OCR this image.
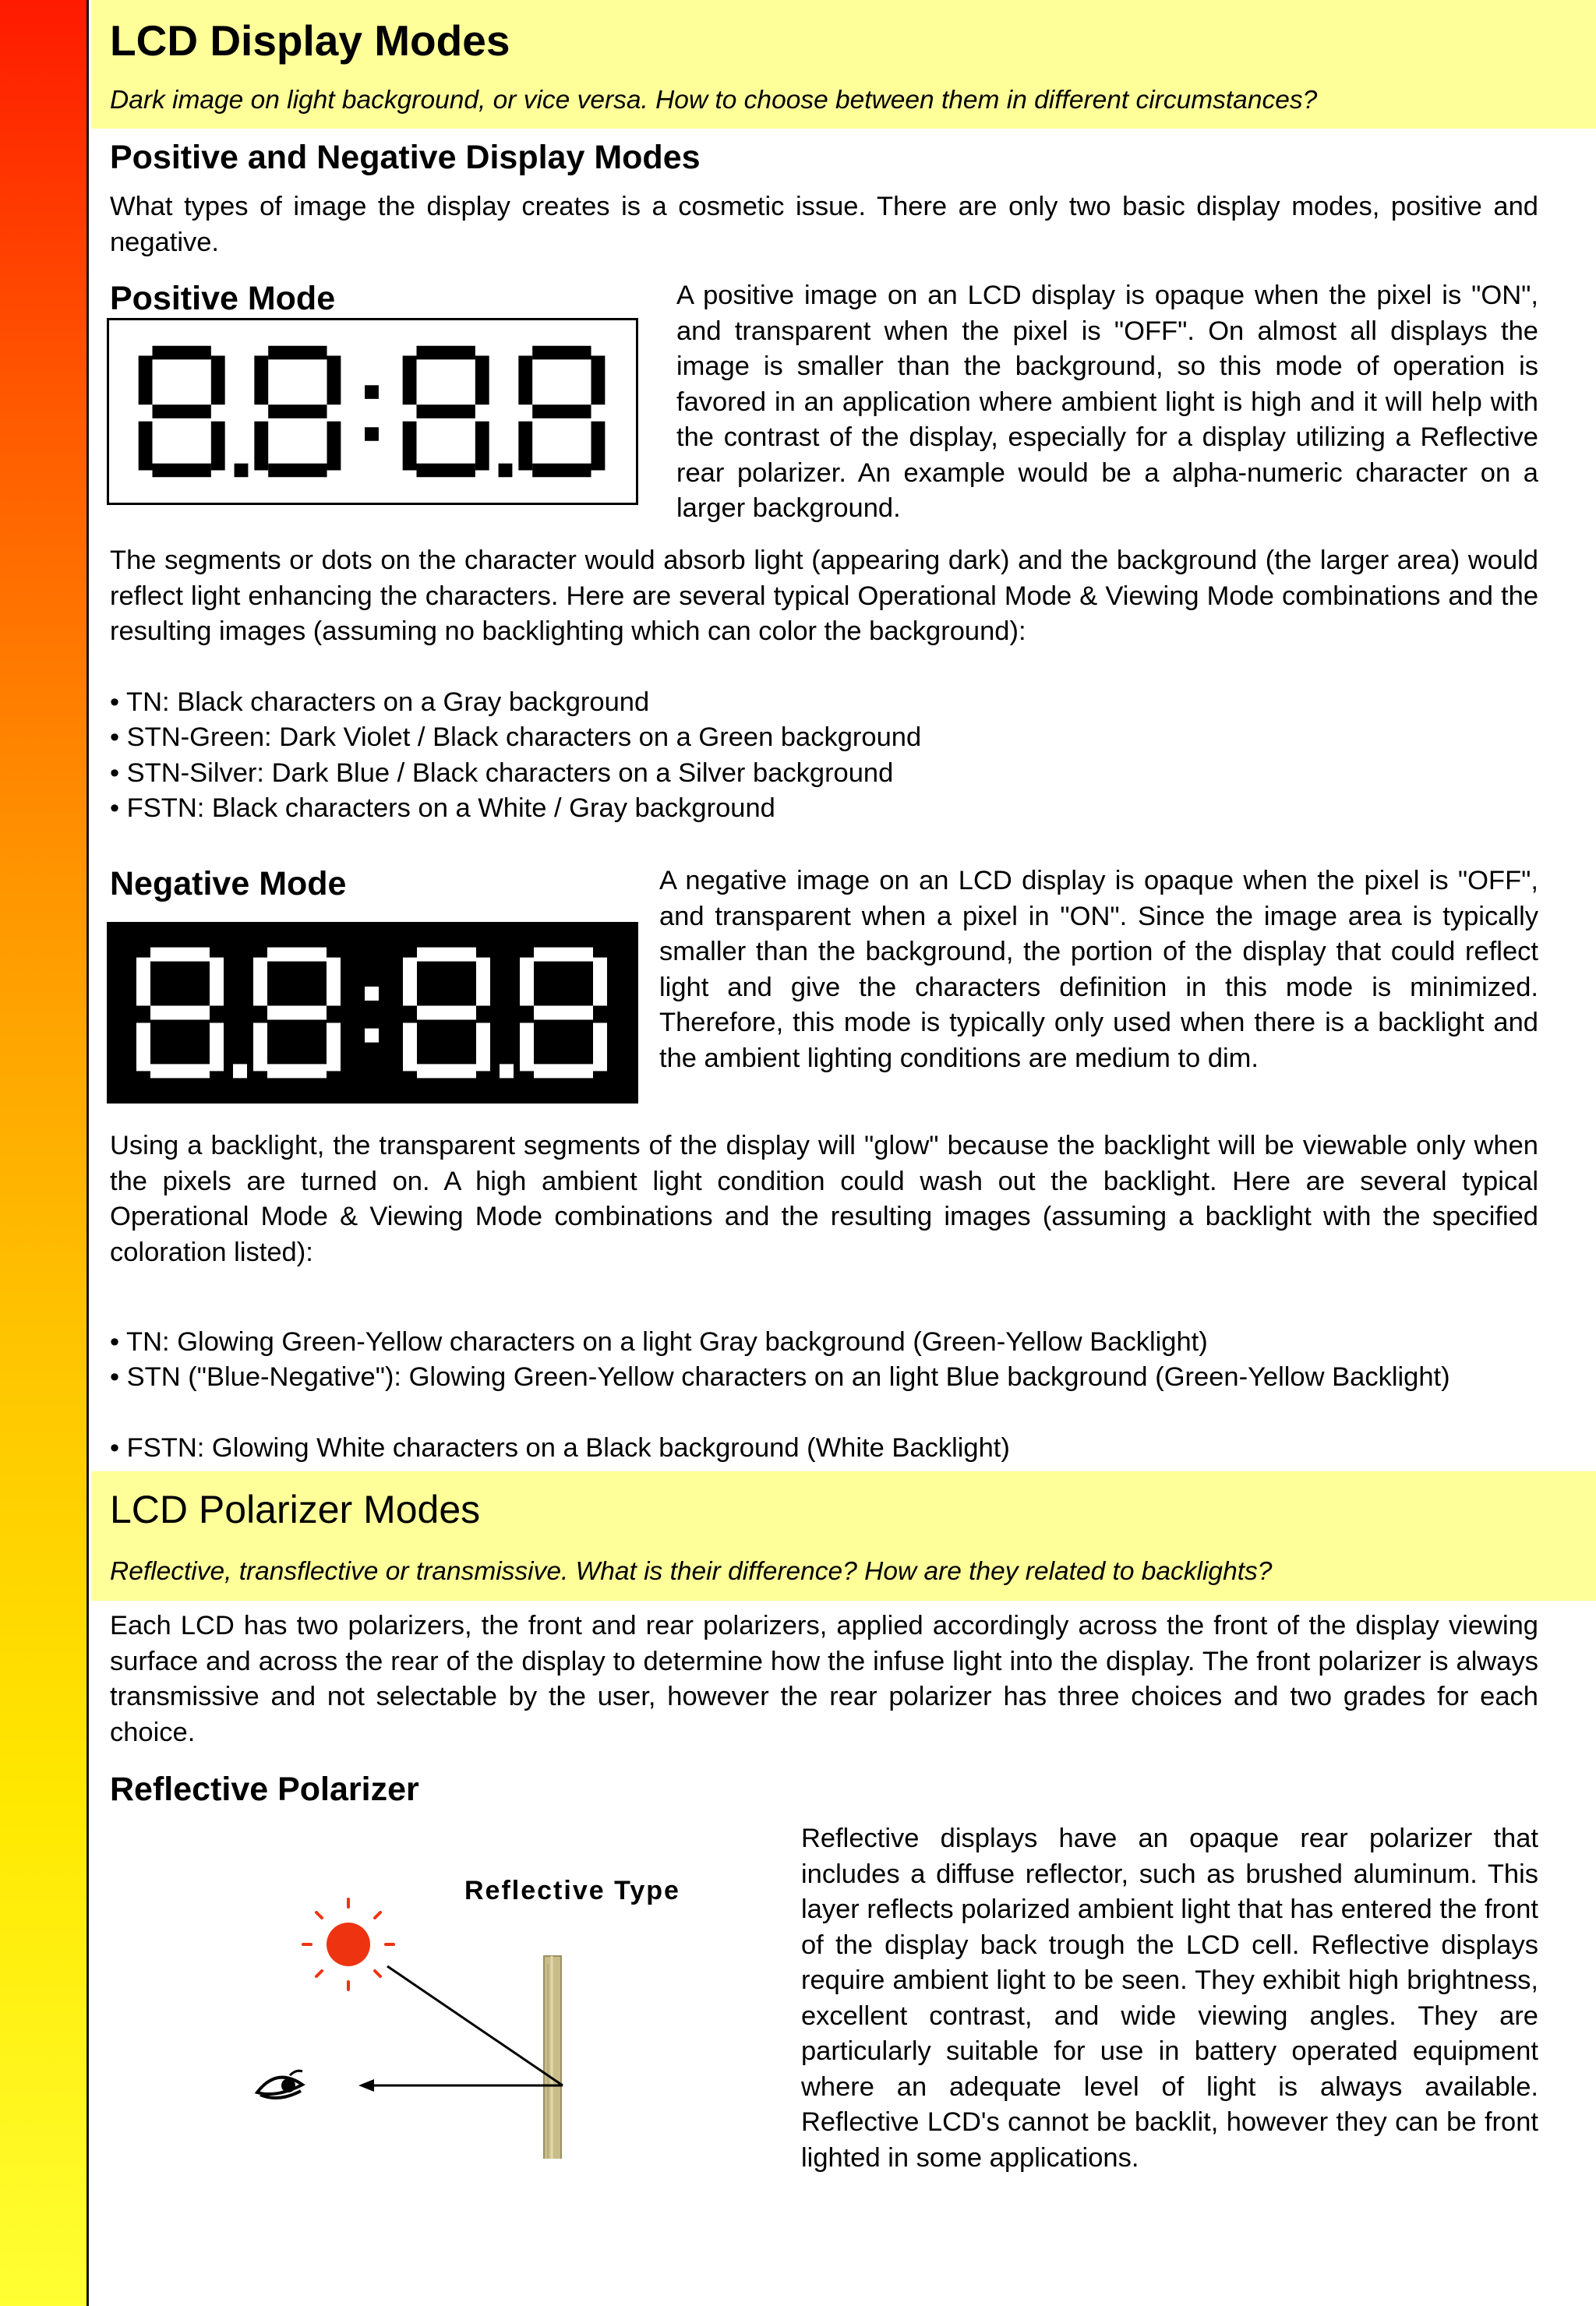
LCD Display Modes
Dark image on light background, or vice versa. How to choose between them in different circumstances?
Positive and Negative Display Modes
What types of image the display creates is a cosmetic issue. There are only two basic display modes, positive and negative.
Positive Mode	A positive image on an LCD display is opaque when the pixel is "ON", and transparent when the pixel is "OFF". On almost all displays the image is smaller than the background, so this mode of operation is favored in an application where ambient light is high and it will help with the contrast of the display, especially for a display utilizing a Reflective rear polarizer. An example would be a alpha-numeric character on a larger background.
The segments or dots on the character would absorb light (appearing dark) and the background (the larger area) would reflect light enhancing the characters. Here are several typical Operational Mode & Viewing Mode combinations and the resulting images (assuming no backlighting which can color the background):
• TN: Black characters on a Gray background
• STN-Green: Dark Violet / Black characters on a Green background
• STN-Silver: Dark Blue / Black characters on a Silver background
• FSTN: Black characters on a White / Gray background
Negative Mode	A negative image on an LCD display is opaque when the pixel is "OFF", and transparent when a pixel in "ON". Since the image area is typically smaller than the background, the portion of the display that could reflect light and give the characters definition in this mode is minimized. Therefore, this mode is typically only used when there is a backlight and the ambient lighting conditions are medium to dim.
Using a backlight, the transparent segments of the display will "glow" because the backlight will be viewable only when the pixels are turned on. A high ambient light condition could wash out the backlight. Here are several typical Operational Mode & Viewing Mode combinations and the resulting images (assuming a backlight with the specified coloration listed):
• TN: Glowing Green-Yellow characters on a light Gray background (Green-Yellow Backlight)
• STN ("Blue-Negative"): Glowing Green-Yellow characters on an light Blue background (Green-Yellow Backlight)
• FSTN: Glowing White characters on a Black background (White Backlight)
LCD Polarizer Modes
Reflective, transflective or transmissive. What is their difference? How are they related to backlights?
Each LCD has two polarizers, the front and rear polarizers, applied accordingly across the front of the display viewing surface and across the rear of the display to determine how the infuse light into the display. The front polarizer is always transmissive and not selectable by the user, however the rear polarizer has three choices and two grades for each choice.
Reflective Polarizer
Reflective displays have an opaque rear polarizer that includes a diffuse reflector, such as brushed aluminum. This layer reflects polarized ambient light that has entered the front of the display back trough the LCD cell. Reflective displays require ambient light to be seen. They exhibit high brightness, excellent contrast, and wide viewing angles. They are particularly suitable for use in battery operated equipment where an adequate level of light is always available. Reflective LCD's cannot be backlit, however they can be front lighted in some applications.
Reflective Type
